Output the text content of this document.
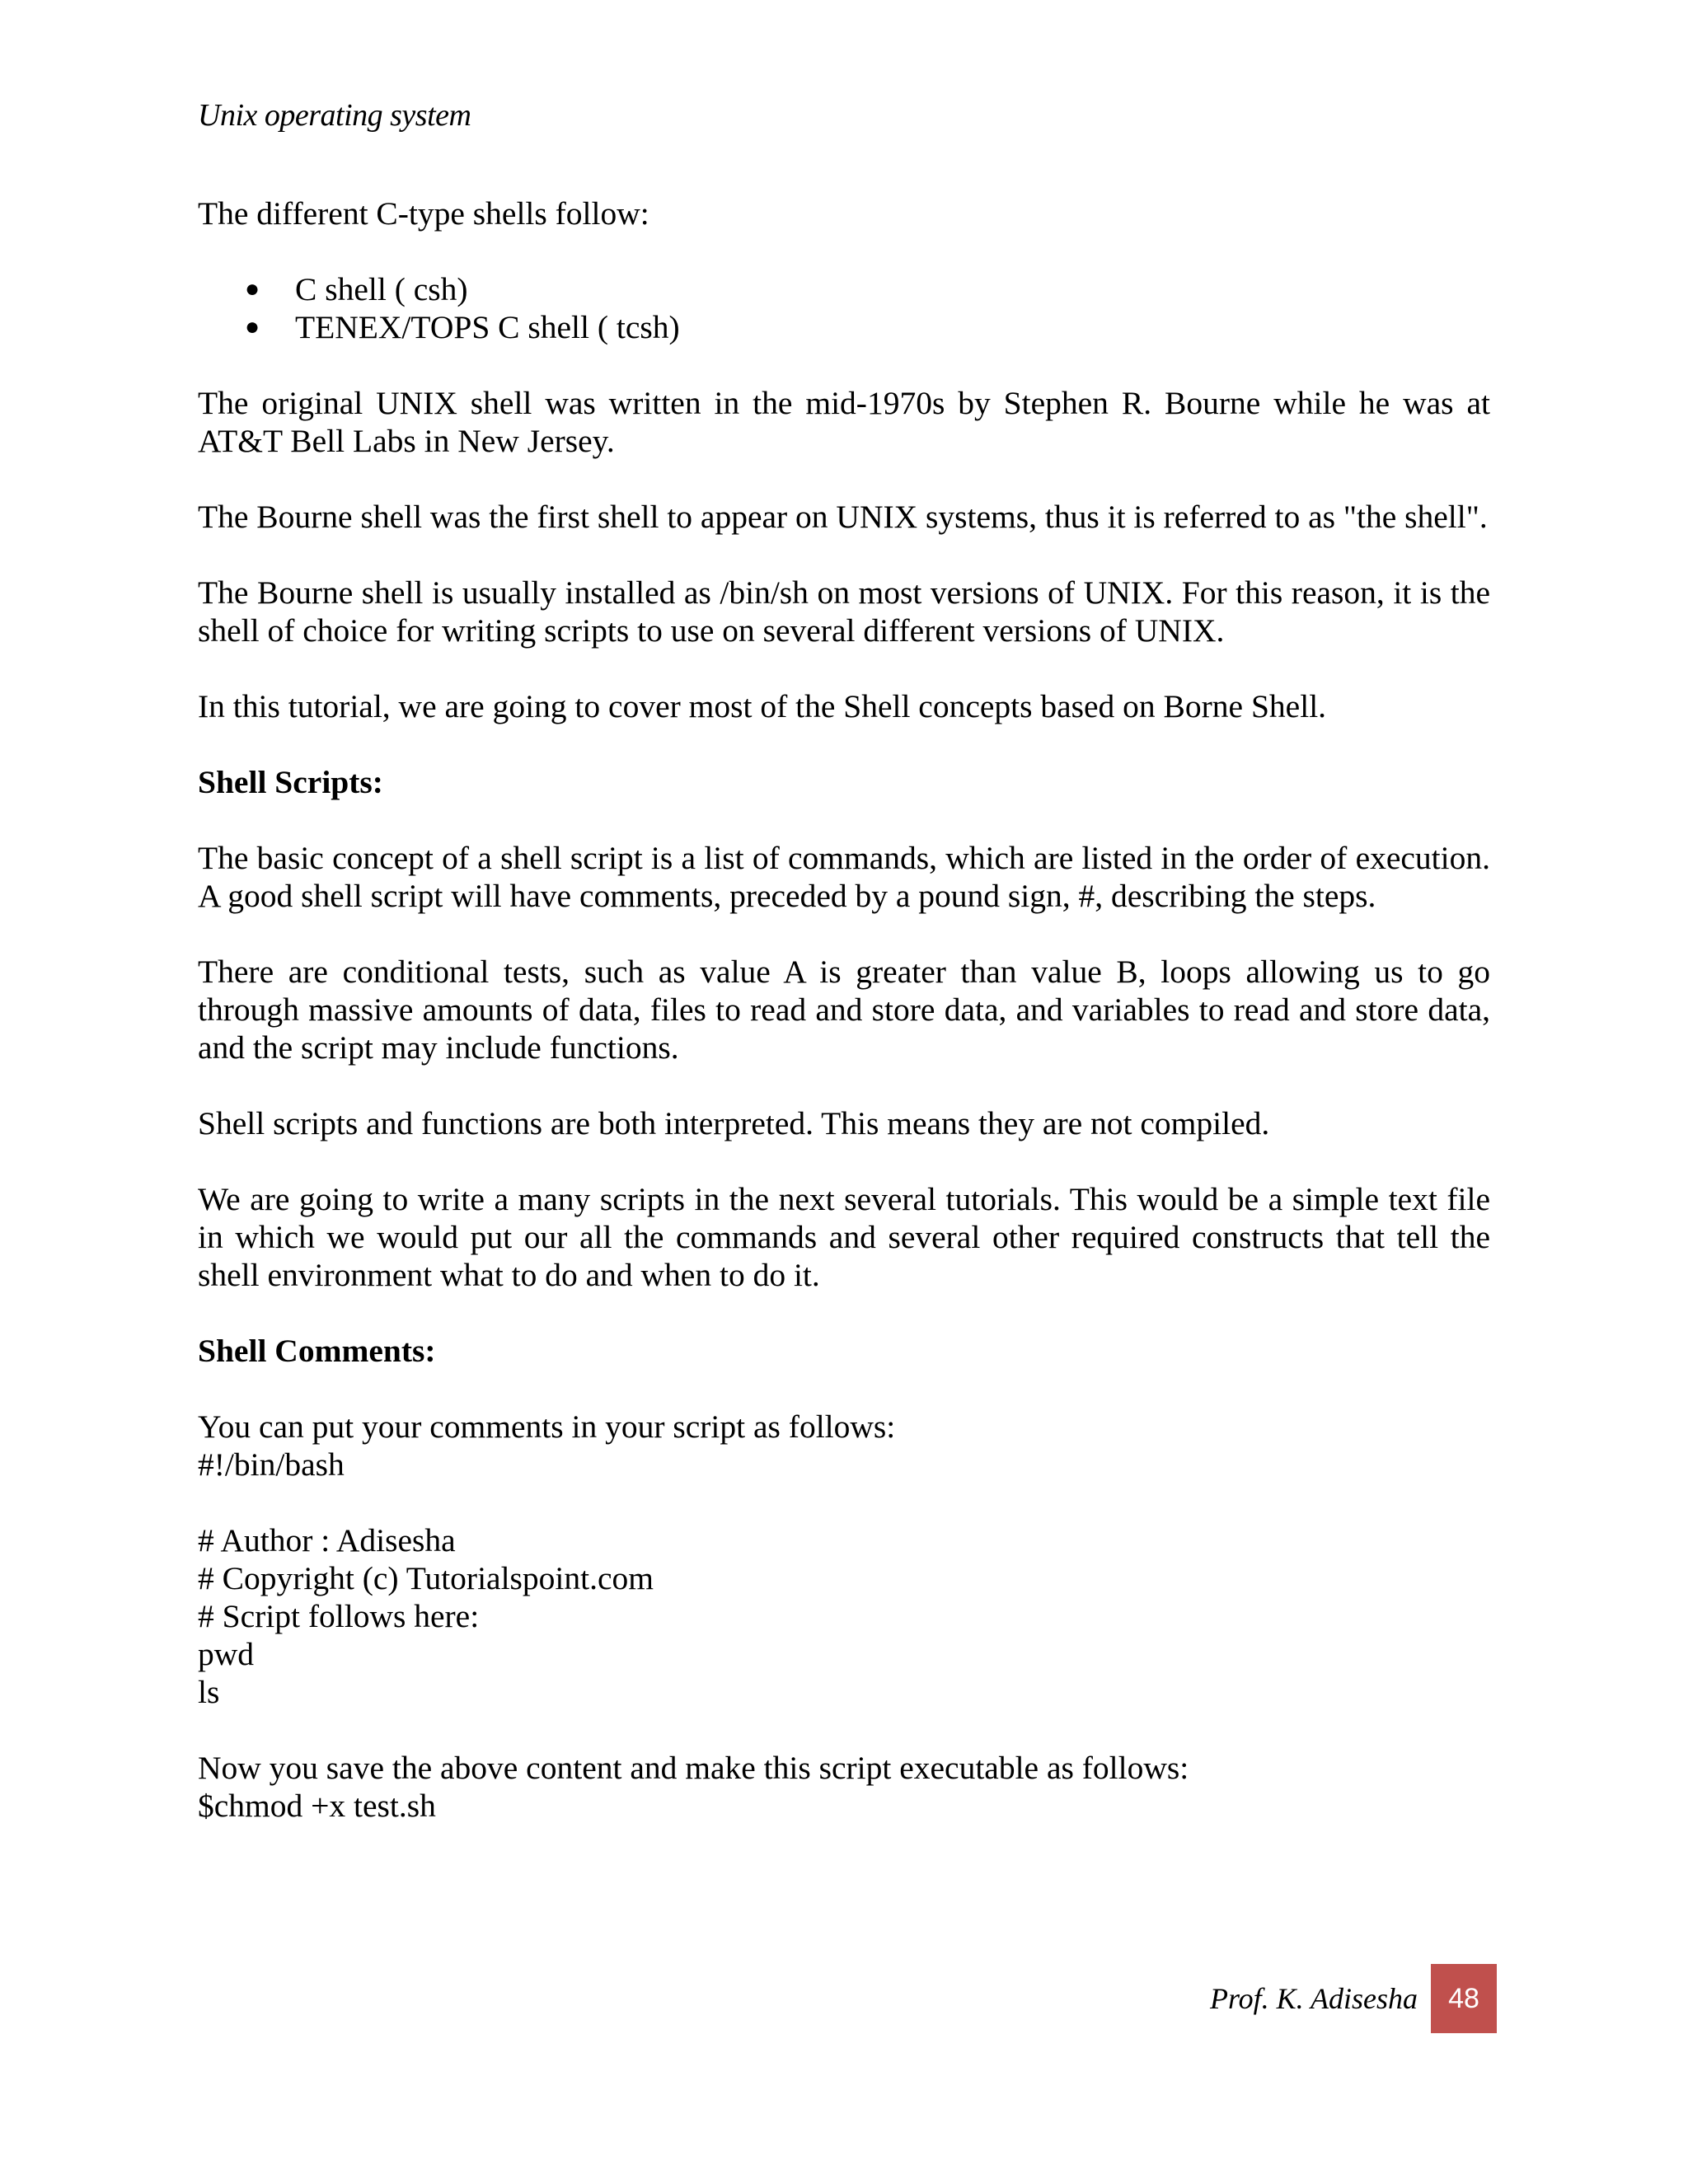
Unix operating system

The different C-type shells follow:

● C shell ( csh)
● TENEX/TOPS C shell ( tcsh)

The original UNIX shell was written in the mid-1970s by Stephen R. Bourne while he was at AT&T Bell Labs in New Jersey.

The Bourne shell was the first shell to appear on UNIX systems, thus it is referred to as "the shell".

The Bourne shell is usually installed as /bin/sh on most versions of UNIX. For this reason, it is the shell of choice for writing scripts to use on several different versions of UNIX.

In this tutorial, we are going to cover most of the Shell concepts based on Borne Shell.

Shell Scripts:

The basic concept of a shell script is a list of commands, which are listed in the order of execution. A good shell script will have comments, preceded by a pound sign, #, describing the steps.

There are conditional tests, such as value A is greater than value B, loops allowing us to go through massive amounts of data, files to read and store data, and variables to read and store data, and the script may include functions.

Shell scripts and functions are both interpreted. This means they are not compiled.

We are going to write a many scripts in the next several tutorials. This would be a simple text file in which we would put our all the commands and several other required constructs that tell the shell environment what to do and when to do it.

Shell Comments:
You can put your comments in your script as follows:
#!/bin/bash
# Author : Adisesha
# Copyright (c) Tutorialspoint.com
# Script follows here:
pwd
ls
Now you save the above content and make this script executable as follows:
$chmod +x test.sh
Prof. K. Adisesha	48
